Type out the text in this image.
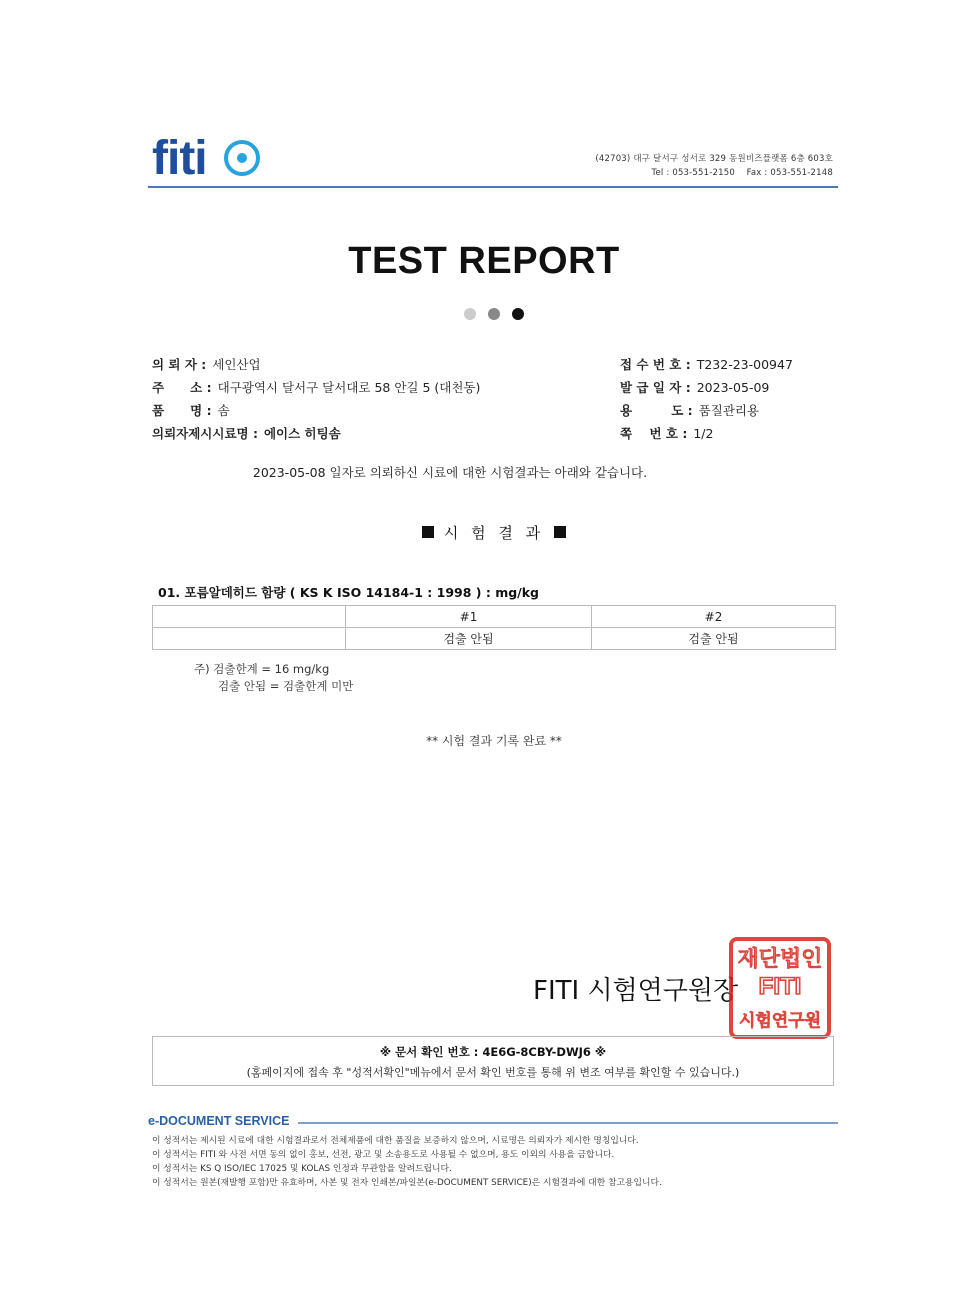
fiti	(42703) 대구 달서구 성서로 329 동원비즈플랫폼 6층 603호
Tel : 053-551-2150 Fax : 053-551-2148
TEST REPORT
의 뢰 자 : 세인산업
주      소 : 대구광역시 달서구 달서대로 58 안길 5 (대천동)
품      명 : 솜
의뢰자제시시료명 : 에이스 히팅솜
접 수 번 호 : T232-23-00947
발 급 일 자 : 2023-05-09
용         도 : 품질관리용
쪽    번 호 : 1/2
2023-05-08 일자로 의뢰하신 시료에 대한 시험결과는 아래와 같습니다.
시 험 결 과
01. 포름알데히드 함량 ( KS K ISO 14184-1 : 1998 ) : mg/kg
	#1	#2
	검출 안됨	검출 안됨
주) 검출한계 = 16 mg/kg
검출 안됨 = 검출한계 미만
** 시험 결과 기록 완료 **
FITI 시험연구원장
재단법인
FITI
시험연구원
※ 문서 확인 번호 : 4E6G-8CBY-DWJ6 ※
(홈페이지에 접속 후 "성적서확인"메뉴에서 문서 확인 번호를 통해 위 변조 여부를 확인할 수 있습니다.)
e-DOCUMENT SERVICE
이 성적서는 제시된 시료에 대한 시험결과로서 전체제품에 대한 품질을 보증하지 않으며, 시료명은 의뢰자가 제시한 명칭입니다.
이 성적서는 FITI 와 사전 서면 동의 없이 홍보, 선전, 광고 및 소송용도로 사용될 수 없으며, 용도 이외의 사용을 금합니다.
이 성적서는 KS Q ISO/IEC 17025 및 KOLAS 인정과 무관함을 알려드립니다.
이 성적서는 원본(재발행 포함)만 유효하며, 사본 및 전자 인쇄본/파일본(e-DOCUMENT SERVICE)은 시험결과에 대한 참고용입니다.
